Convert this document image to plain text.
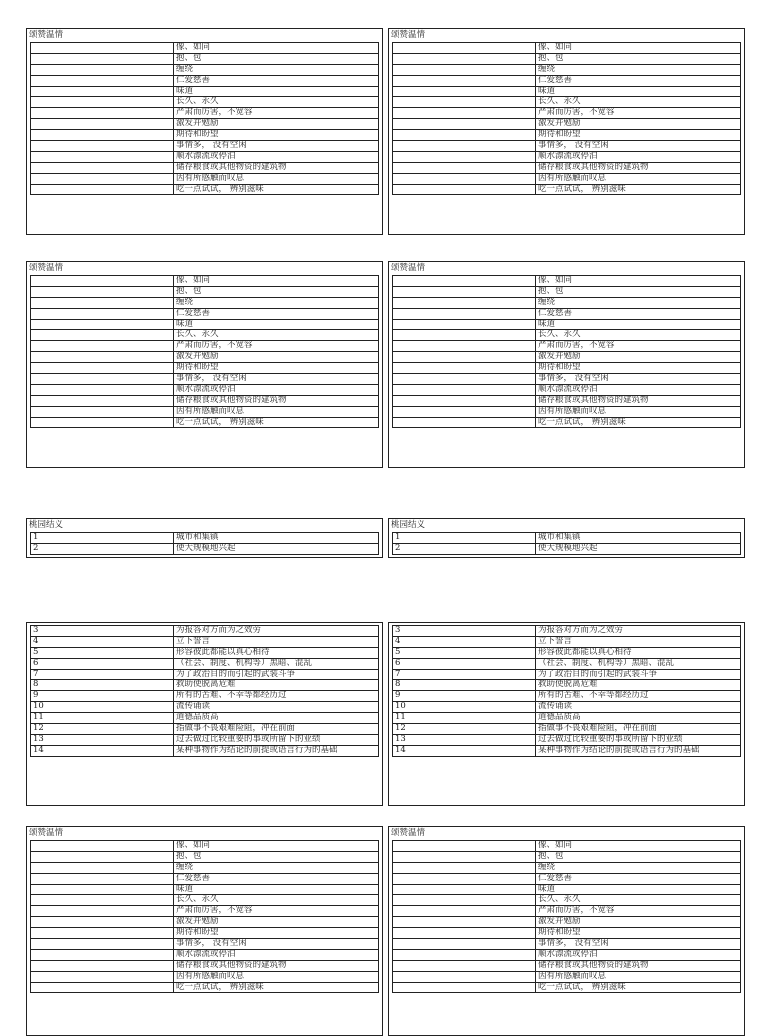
颂赞温情
像、如同
抱、包
缠绕
仁爱慈善
味道
长久、永久
严肃而厉害，不宽容
激发并勉励
期待和盼望
事情多， 没有空闲
顺水漂流或停泊
储存粮食或其他物资的建筑物
因有所感触而叹息
吃一点试试， 辨别滋味
颂赞温情
像、如同
抱、包
缠绕
仁爱慈善
味道
长久、永久
严肃而厉害，不宽容
激发并勉励
期待和盼望
事情多， 没有空闲
顺水漂流或停泊
储存粮食或其他物资的建筑物
因有所感触而叹息
吃一点试试， 辨别滋味
颂赞温情
像、如同
抱、包
缠绕
仁爱慈善
味道
长久、永久
严肃而厉害，不宽容
激发并勉励
期待和盼望
事情多， 没有空闲
顺水漂流或停泊
储存粮食或其他物资的建筑物
因有所感触而叹息
吃一点试试， 辨别滋味
颂赞温情
像、如同
抱、包
缠绕
仁爱慈善
味道
长久、永久
严肃而厉害，不宽容
激发并勉励
期待和盼望
事情多， 没有空闲
顺水漂流或停泊
储存粮食或其他物资的建筑物
因有所感触而叹息
吃一点试试， 辨别滋味
桃园结义
1	城市和集镇
2	使大规模地兴起
桃园结义
1	城市和集镇
2	使大规模地兴起
3	为报答对方而为之效劳
4	立下誓言
5	形容彼此都能以真心相待
6	（社会、制度、机构等）黑暗、混乱
7	为了政治目的而引起的武装斗争
8	救助使脱离危难
9	所有的苦难、不幸等都经历过
10	流传诵读
11	道德品质高
12	指做事不畏艰难险阻，冲在前面
13	过去做过比较重要的事或所留下的业绩
14	某种事物作为结论的前提或语言行为的基础
3	为报答对方而为之效劳
4	立下誓言
5	形容彼此都能以真心相待
6	（社会、制度、机构等）黑暗、混乱
7	为了政治目的而引起的武装斗争
8	救助使脱离危难
9	所有的苦难、不幸等都经历过
10	流传诵读
11	道德品质高
12	指做事不畏艰难险阻，冲在前面
13	过去做过比较重要的事或所留下的业绩
14	某种事物作为结论的前提或语言行为的基础
颂赞温情
像、如同
抱、包
缠绕
仁爱慈善
味道
长久、永久
严肃而厉害，不宽容
激发并勉励
期待和盼望
事情多， 没有空闲
顺水漂流或停泊
储存粮食或其他物资的建筑物
因有所感触而叹息
吃一点试试， 辨别滋味
颂赞温情
像、如同
抱、包
缠绕
仁爱慈善
味道
长久、永久
严肃而厉害，不宽容
激发并勉励
期待和盼望
事情多， 没有空闲
顺水漂流或停泊
储存粮食或其他物资的建筑物
因有所感触而叹息
吃一点试试， 辨别滋味
